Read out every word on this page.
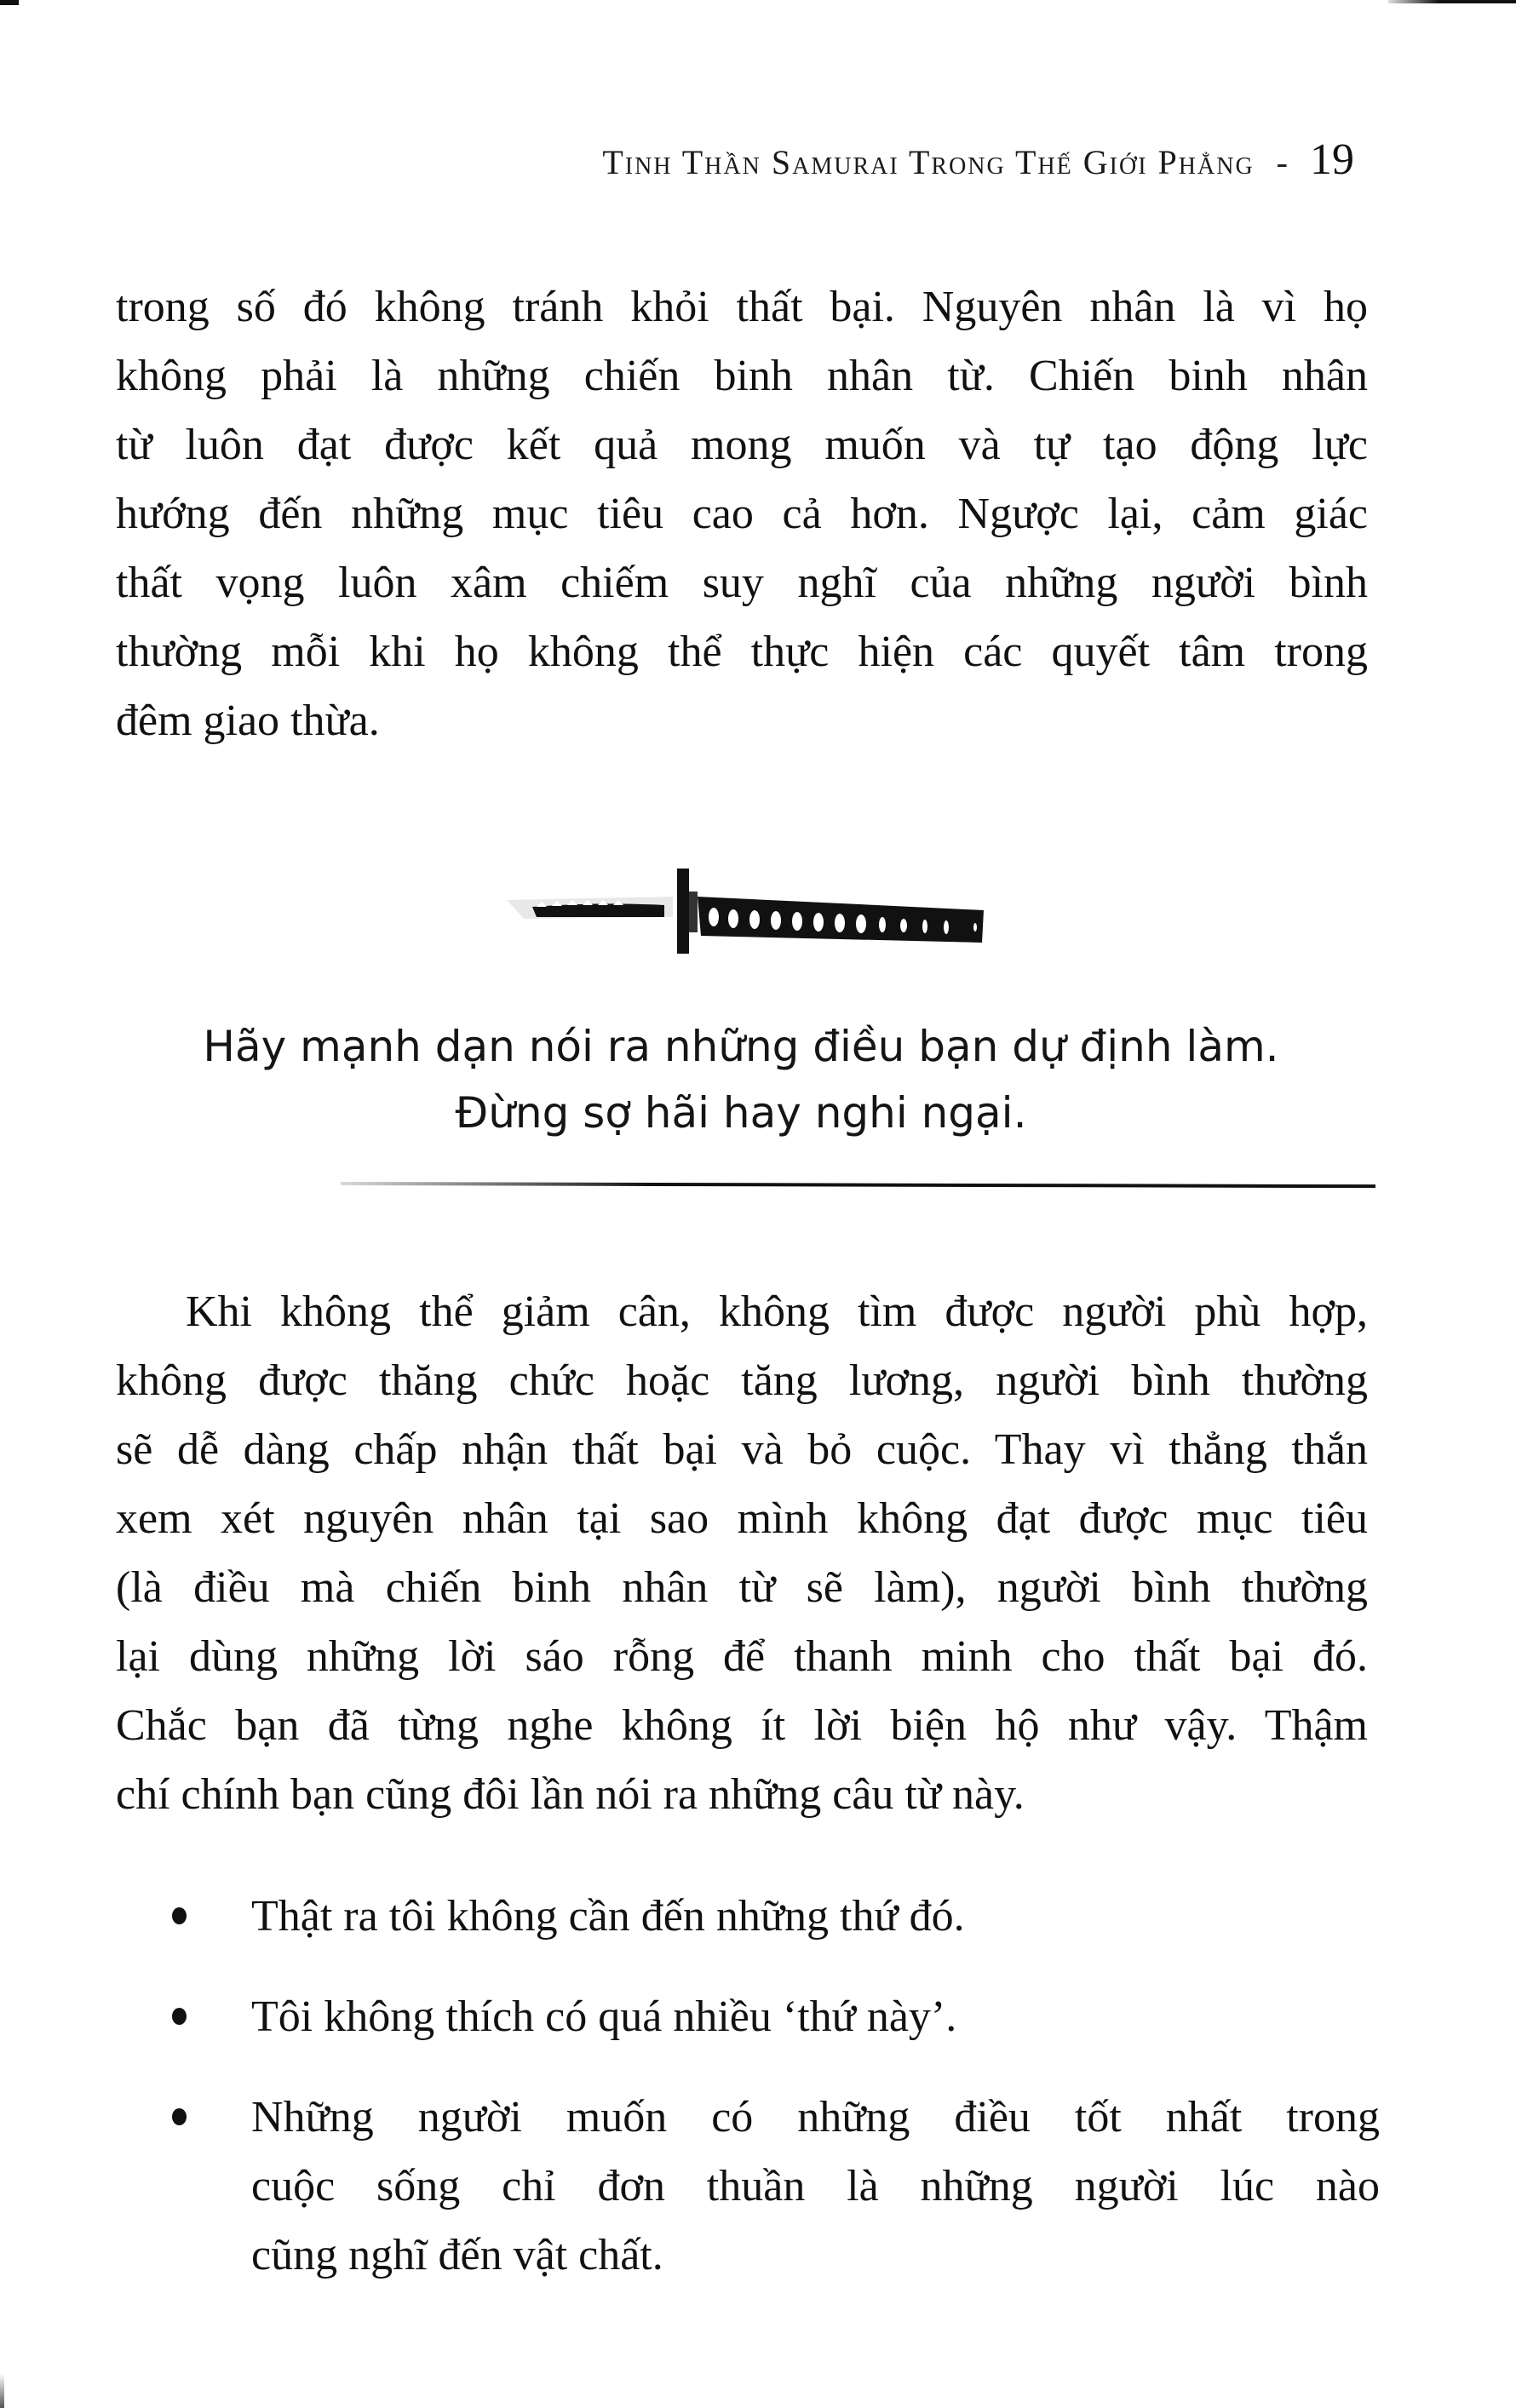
Tinh Thần Samurai Trong Thế Giới Phẳng - 19
trong số đó không tránh khỏi thất bại. Nguyên nhân là vì họ
không phải là những chiến binh nhân từ. Chiến binh nhân
từ luôn đạt được kết quả mong muốn và tự tạo động lực
hướng đến những mục tiêu cao cả hơn. Ngược lại, cảm giác
thất vọng luôn xâm chiếm suy nghĩ của những người bình
thường mỗi khi họ không thể thực hiện các quyết tâm trong
đêm giao thừa.
Hãy mạnh dạn nói ra những điều bạn dự định làm.
Đừng sợ hãi hay nghi ngại.
Khi không thể giảm cân, không tìm được người phù hợp,
không được thăng chức hoặc tăng lương, người bình thường
sẽ dễ dàng chấp nhận thất bại và bỏ cuộc. Thay vì thẳng thắn
xem xét nguyên nhân tại sao mình không đạt được mục tiêu
(là điều mà chiến binh nhân từ sẽ làm), người bình thường
lại dùng những lời sáo rỗng để thanh minh cho thất bại đó.
Chắc bạn đã từng nghe không ít lời biện hộ như vậy. Thậm
chí chính bạn cũng đôi lần nói ra những câu từ này.
Thật ra tôi không cần đến những thứ đó.
Tôi không thích có quá nhiều ‘thứ này’.
Những người muốn có những điều tốt nhất trong
cuộc sống chỉ đơn thuần là những người lúc nào
cũng nghĩ đến vật chất.
